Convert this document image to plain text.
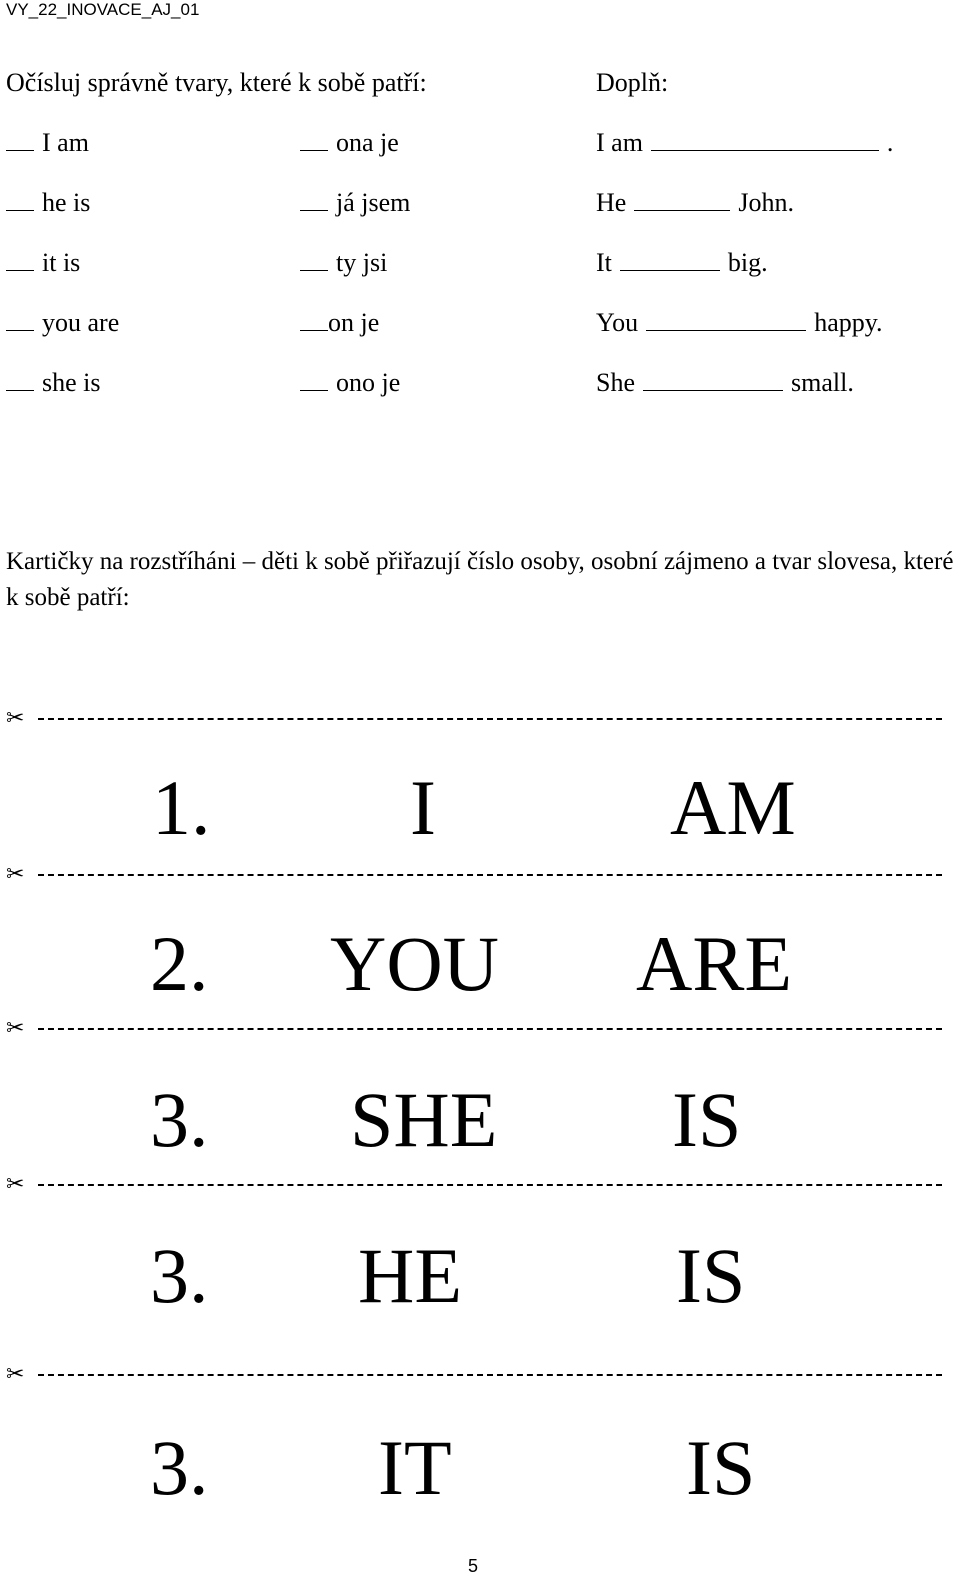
VY_22_INOVACE_AJ_01
Očísluj správně tvary, které k sobě patří:
I am
he is
it is
you are
she is
ona je
já jsem
ty jsi
on je
ono je
Doplň:
I am	.
He	John.
It	big.
You	happy.
She	small.
Kartičky na rozstříháni – děti k sobě přiřazují číslo osoby, osobní zájmeno a tvar slovesa, které k sobě patří:
✂
1.	I	AM
✂
2. YOU ARE
✂
3. SHE IS
✂
3. HE	IS
✂
3. IT	IS
5
